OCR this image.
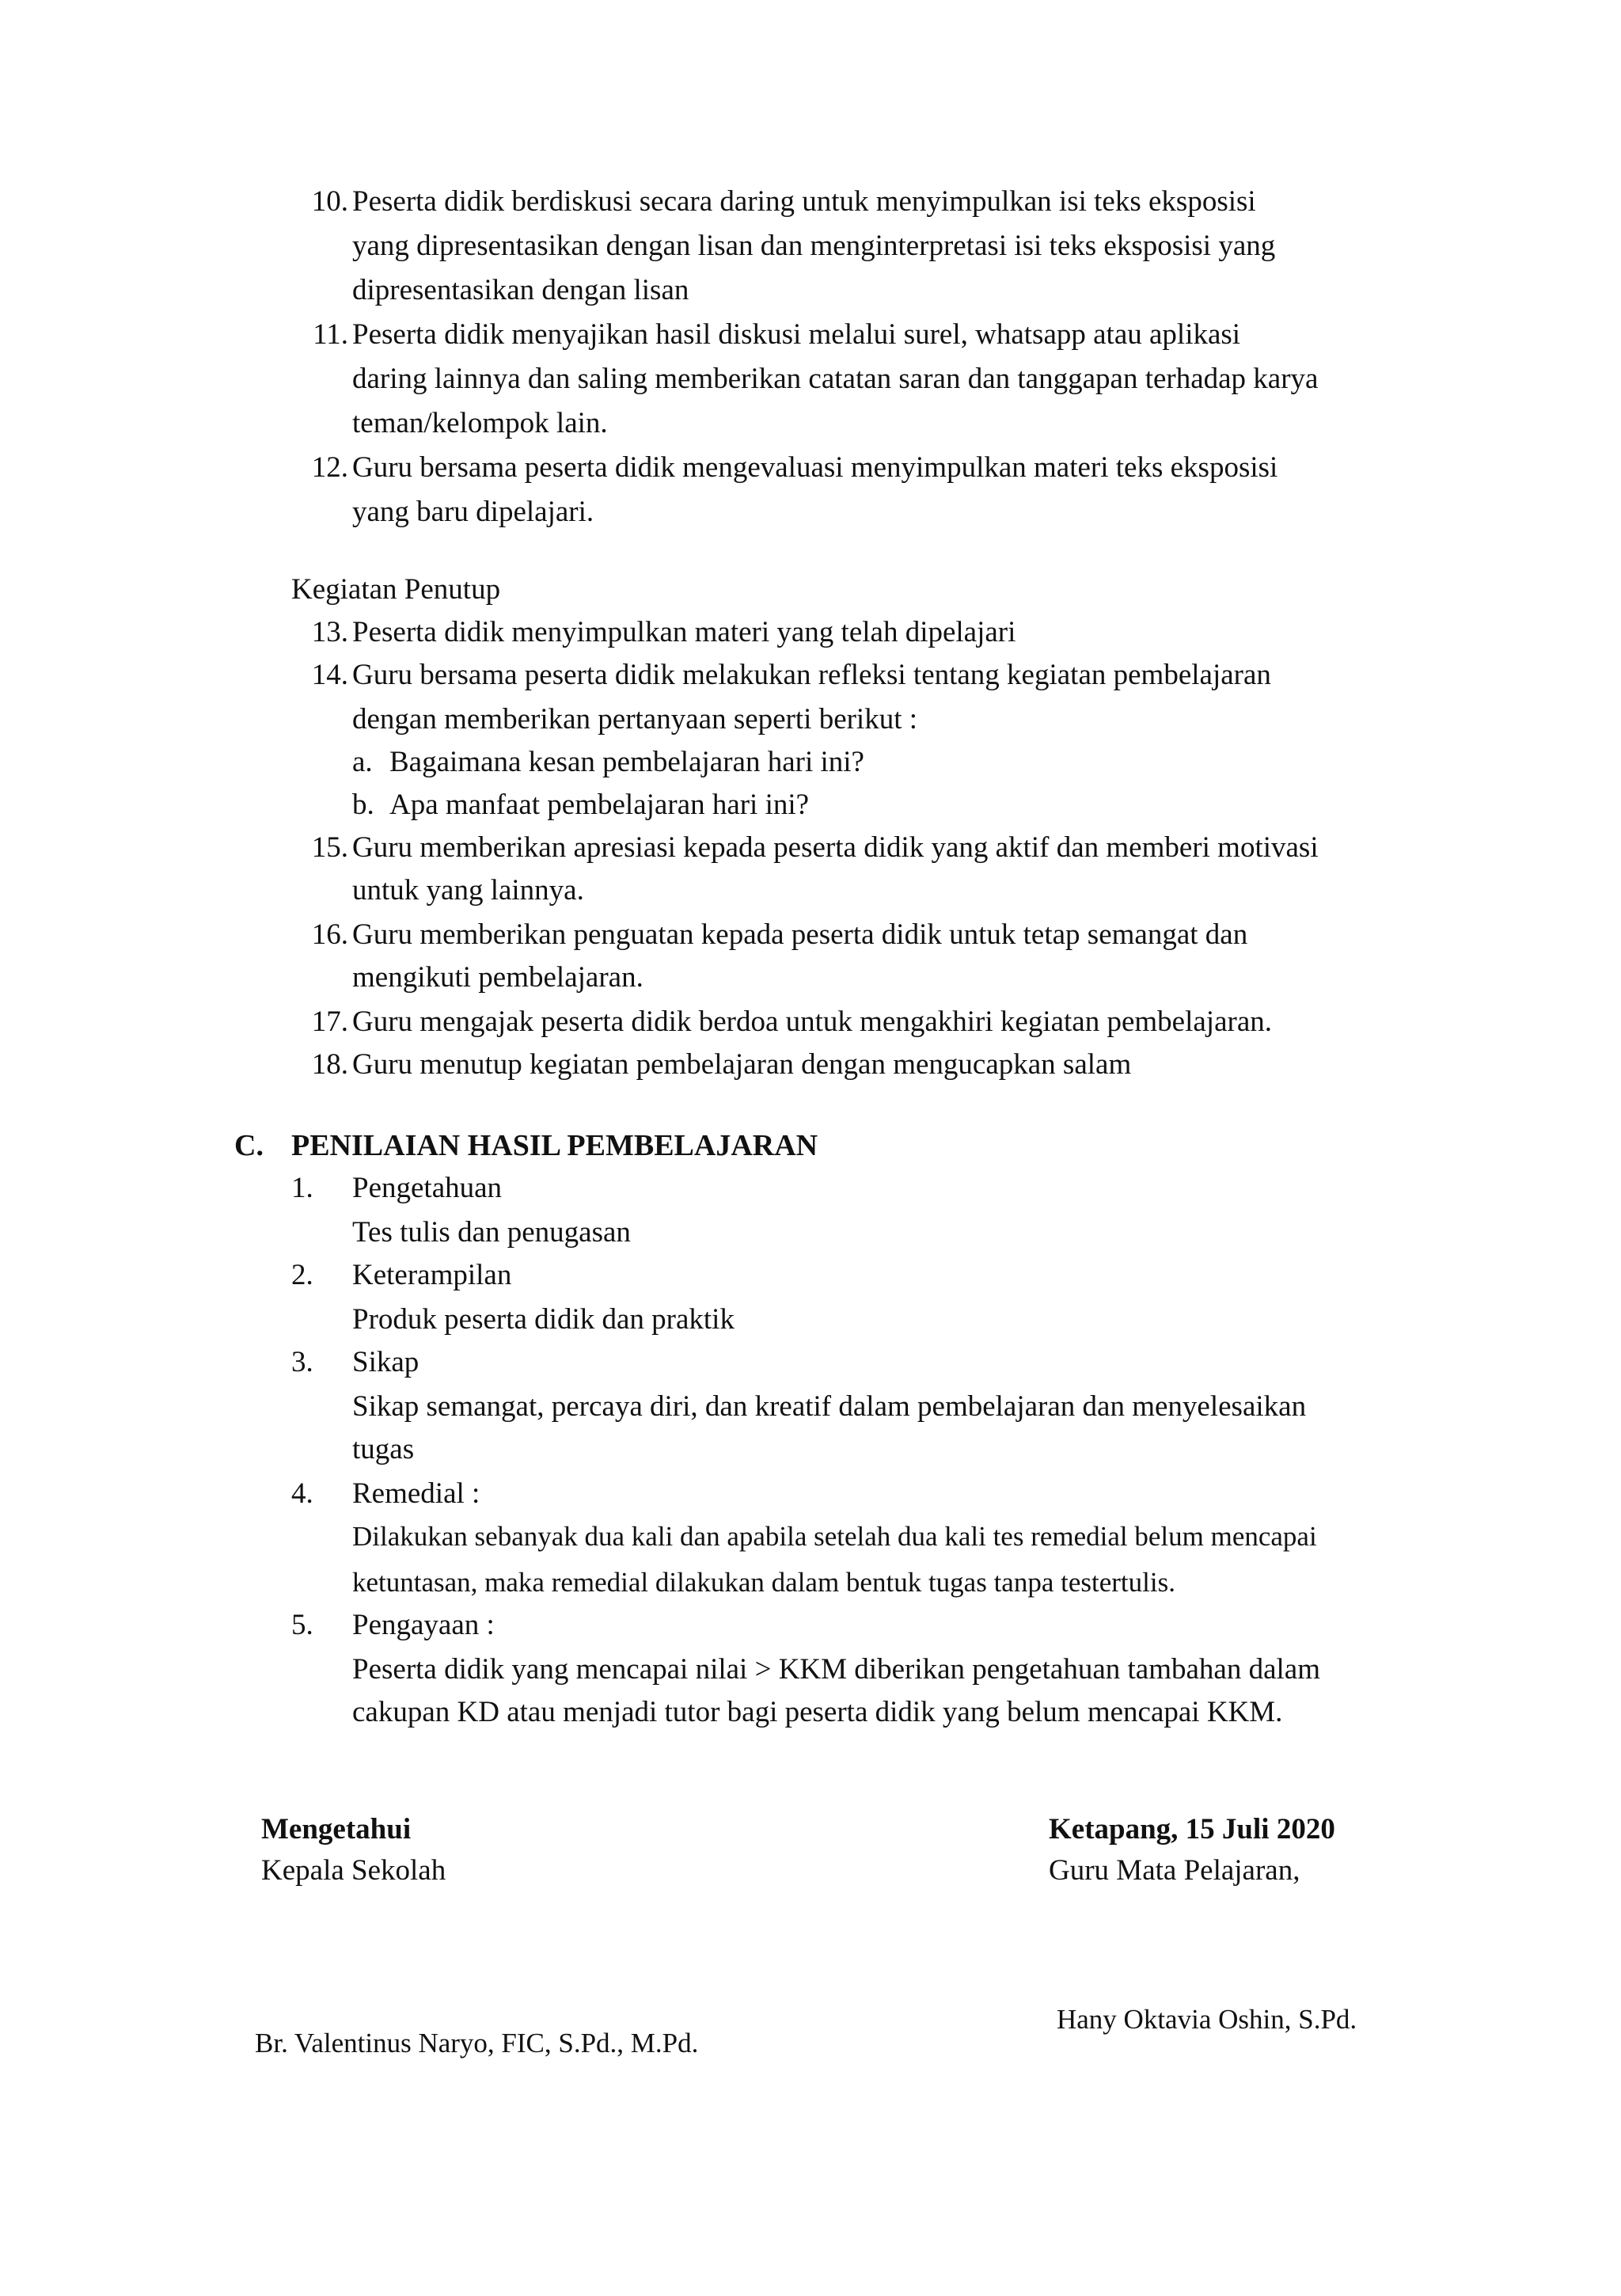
10. Peserta didik berdiskusi secara daring untuk menyimpulkan isi teks eksposisi
yang dipresentasikan dengan lisan dan menginterpretasi isi teks eksposisi yang
dipresentasikan dengan lisan
11. Peserta didik menyajikan hasil diskusi melalui surel, whatsapp atau aplikasi
daring lainnya dan saling memberikan catatan saran dan tanggapan terhadap karya
teman/kelompok lain.
12. Guru bersama peserta didik mengevaluasi menyimpulkan materi teks eksposisi
yang baru dipelajari.
Kegiatan Penutup
13. Peserta didik menyimpulkan materi yang telah dipelajari
14. Guru bersama peserta didik melakukan refleksi tentang kegiatan pembelajaran
dengan memberikan pertanyaan seperti berikut :
a. Bagaimana kesan pembelajaran hari ini?
b. Apa manfaat pembelajaran hari ini?
15. Guru memberikan apresiasi kepada peserta didik yang aktif dan memberi motivasi
untuk yang lainnya.
16. Guru memberikan penguatan kepada peserta didik untuk tetap semangat dan
mengikuti pembelajaran.
17. Guru mengajak peserta didik berdoa untuk mengakhiri kegiatan pembelajaran.
18. Guru menutup kegiatan pembelajaran dengan mengucapkan salam
C. PENILAIAN HASIL PEMBELAJARAN
1. Pengetahuan
Tes tulis dan penugasan
2. Keterampilan
Produk peserta didik dan praktik
3. Sikap
Sikap semangat, percaya diri, dan kreatif dalam pembelajaran dan menyelesaikan
tugas
4. Remedial :
Dilakukan sebanyak dua kali dan apabila setelah dua kali tes remedial belum mencapai
ketuntasan, maka remedial dilakukan dalam bentuk tugas tanpa testertulis.
5. Pengayaan :
Peserta didik yang mencapai nilai > KKM diberikan pengetahuan tambahan dalam
cakupan KD atau menjadi tutor bagi peserta didik yang belum mencapai KKM.
Mengetahui
Kepala Sekolah
Br. Valentinus Naryo, FIC, S.Pd., M.Pd.
Ketapang, 15 Juli 2020
Guru Mata Pelajaran,
Hany Oktavia Oshin, S.Pd.
